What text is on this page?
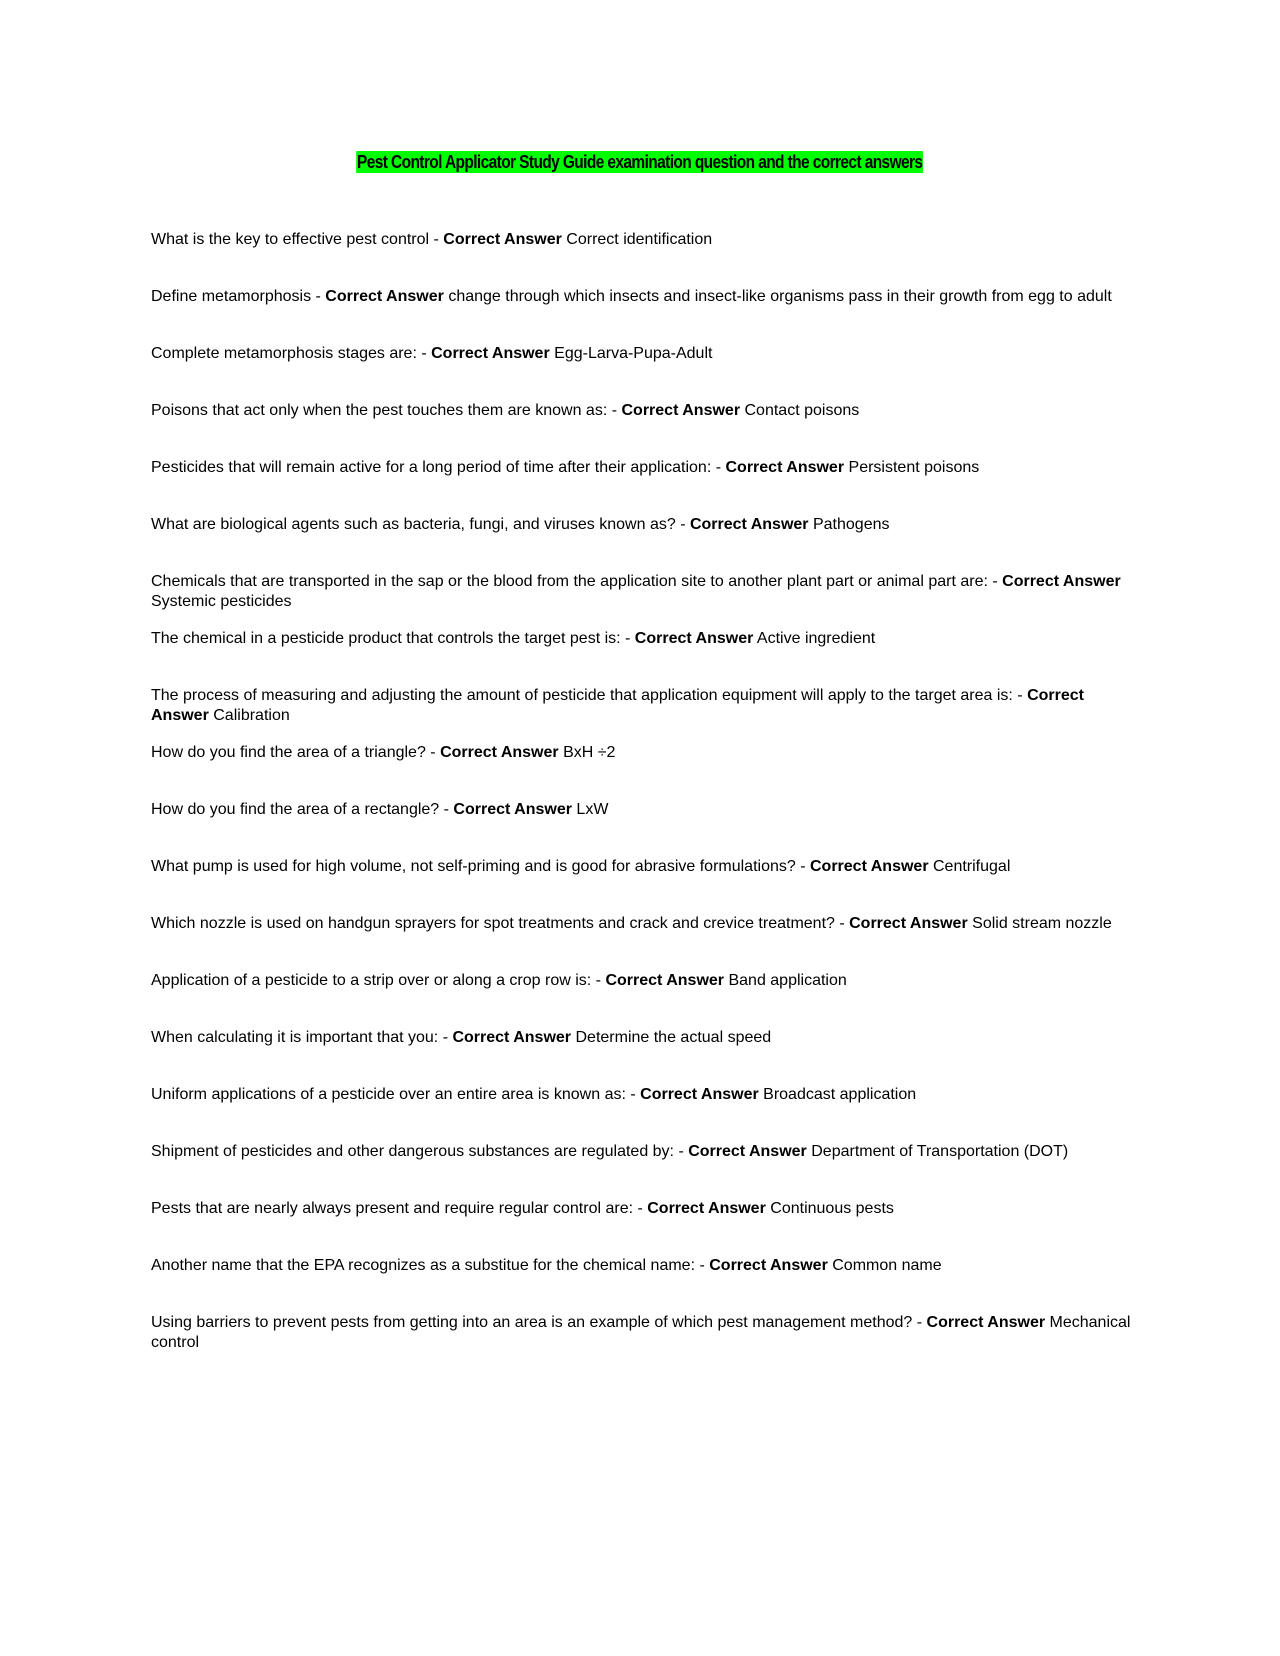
Pest Control Applicator Study Guide examination question and the correct answers

What is the key to effective pest control - Correct Answer Correct identification

Define metamorphosis - Correct Answer change through which insects and insect-like organisms pass in their growth from egg to adult

Complete metamorphosis stages are: - Correct Answer Egg-Larva-Pupa-Adult

Poisons that act only when the pest touches them are known as: - Correct Answer Contact poisons

Pesticides that will remain active for a long period of time after their application: - Correct Answer Persistent poisons

What are biological agents such as bacteria, fungi, and viruses known as? - Correct Answer Pathogens

Chemicals that are transported in the sap or the blood from the application site to another plant part or animal part are: - Correct Answer Systemic pesticides

The chemical in a pesticide product that controls the target pest is: - Correct Answer Active ingredient

The process of measuring and adjusting the amount of pesticide that application equipment will apply to the target area is: - Correct Answer Calibration

How do you find the area of a triangle? - Correct Answer BxH ÷2

How do you find the area of a rectangle? - Correct Answer LxW

What pump is used for high volume, not self-priming and is good for abrasive formulations? - Correct Answer Centrifugal

Which nozzle is used on handgun sprayers for spot treatments and crack and crevice treatment? - Correct Answer Solid stream nozzle

Application of a pesticide to a strip over or along a crop row is: - Correct Answer Band application

When calculating it is important that you: - Correct Answer Determine the actual speed

Uniform applications of a pesticide over an entire area is known as: - Correct Answer Broadcast application

Shipment of pesticides and other dangerous substances are regulated by: - Correct Answer Department of Transportation (DOT)

Pests that are nearly always present and require regular control are: - Correct Answer Continuous pests

Another name that the EPA recognizes as a substitue for the chemical name: - Correct Answer Common name

Using barriers to prevent pests from getting into an area is an example of which pest management method? - Correct Answer Mechanical control
